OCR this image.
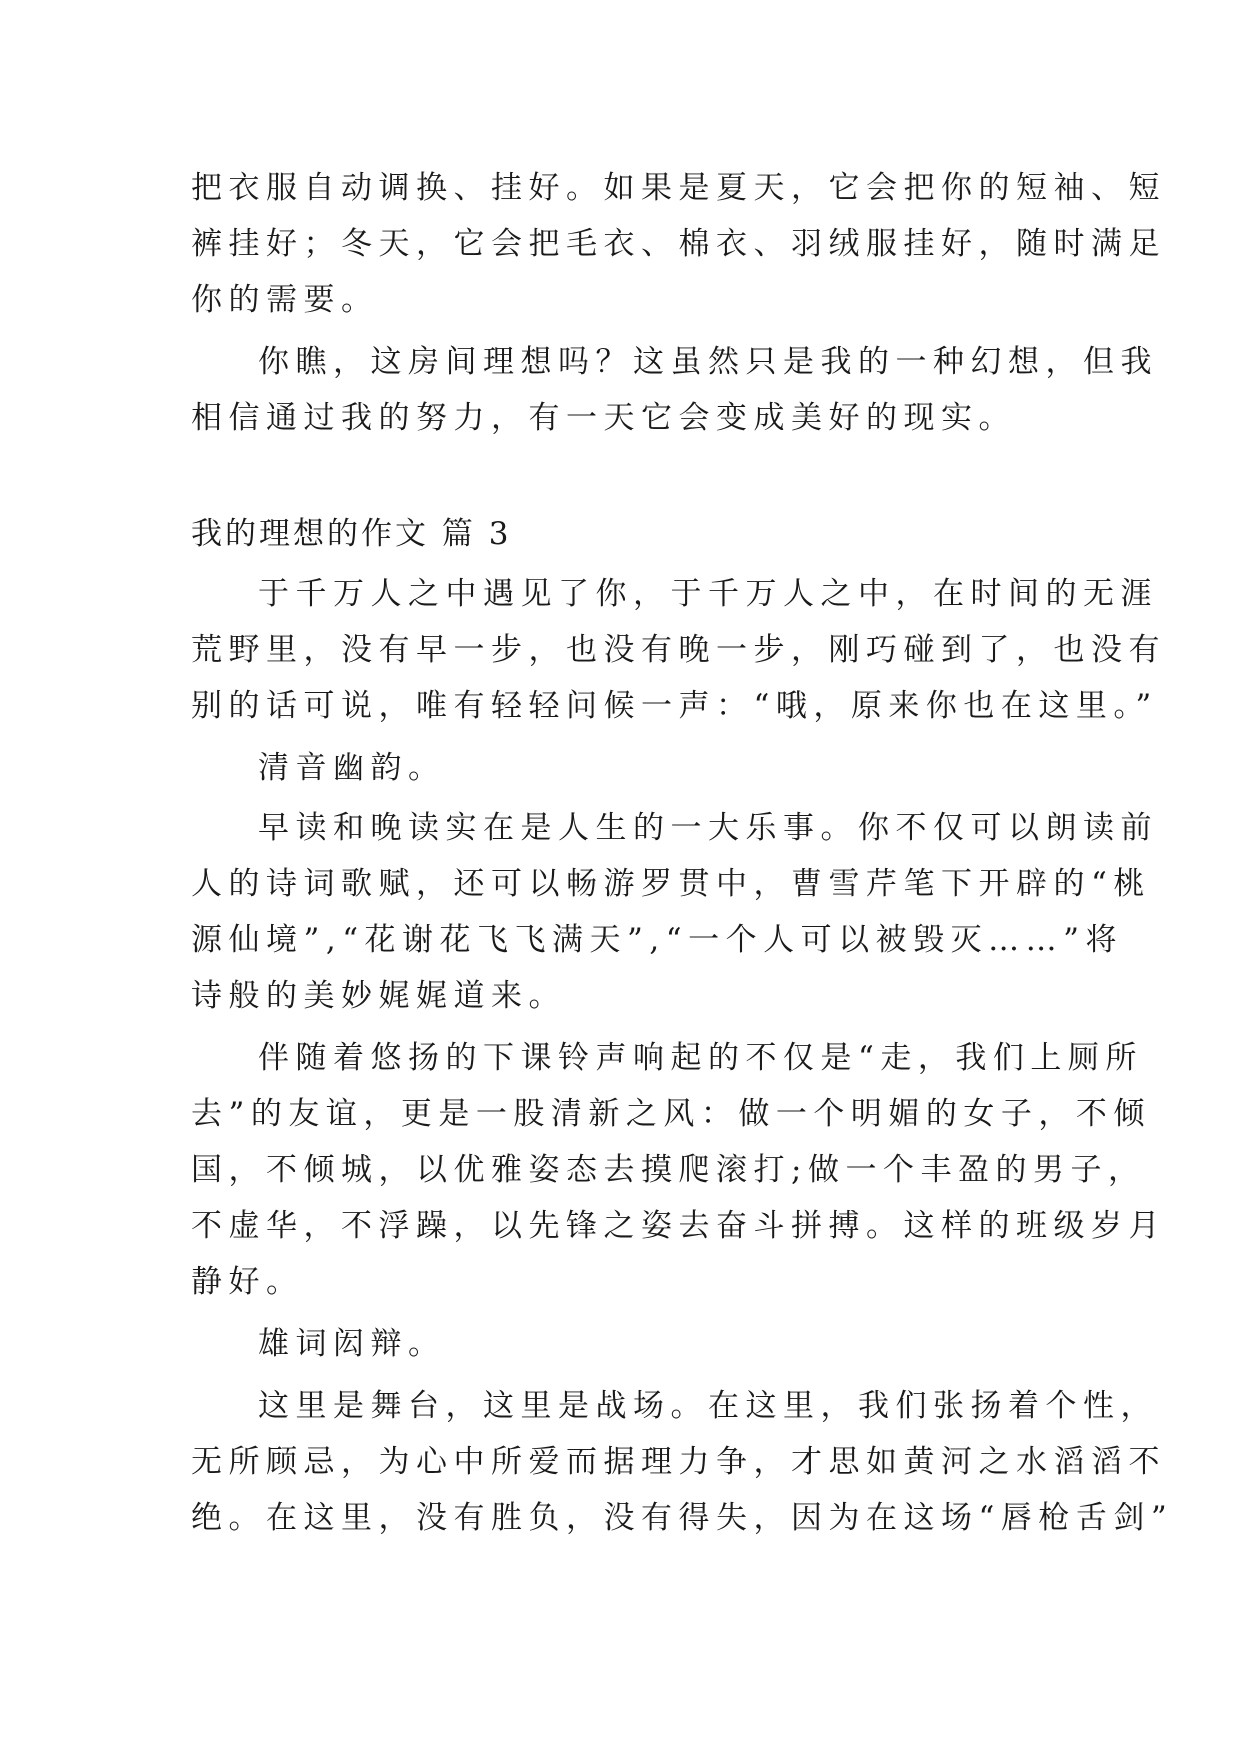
把衣服自动调换、挂好。如果是夏天，它会把你的短袖、短
裤挂好；冬天，它会把毛衣、棉衣、羽绒服挂好，随时满足
你的需要。
你瞧，这房间理想吗？这虽然只是我的一种幻想，但我
相信通过我的努力，有一天它会变成美好的现实。
我的理想的作文 篇 3
于千万人之中遇见了你，于千万人之中，在时间的无涯
荒野里，没有早一步，也没有晚一步，刚巧碰到了，也没有
别的话可说，唯有轻轻问候一声：“哦，原来你也在这里。”
清音幽韵。
早读和晚读实在是人生的一大乐事。你不仅可以朗读前
人的诗词歌赋，还可以畅游罗贯中，曹雪芹笔下开辟的“桃
源仙境”,“花谢花飞飞满天”,“一个人可以被毁灭……”将
诗般的美妙娓娓道来。
伴随着悠扬的下课铃声响起的不仅是“走，我们上厕所
去”的友谊，更是一股清新之风：做一个明媚的女子，不倾
国，不倾城，以优雅姿态去摸爬滚打;做一个丰盈的男子，
不虚华，不浮躁，以先锋之姿去奋斗拼搏。这样的班级岁月
静好。
雄词闳辩。
这里是舞台，这里是战场。在这里，我们张扬着个性，
无所顾忌，为心中所爱而据理力争，才思如黄河之水滔滔不
绝。在这里，没有胜负，没有得失，因为在这场“唇枪舌剑”
